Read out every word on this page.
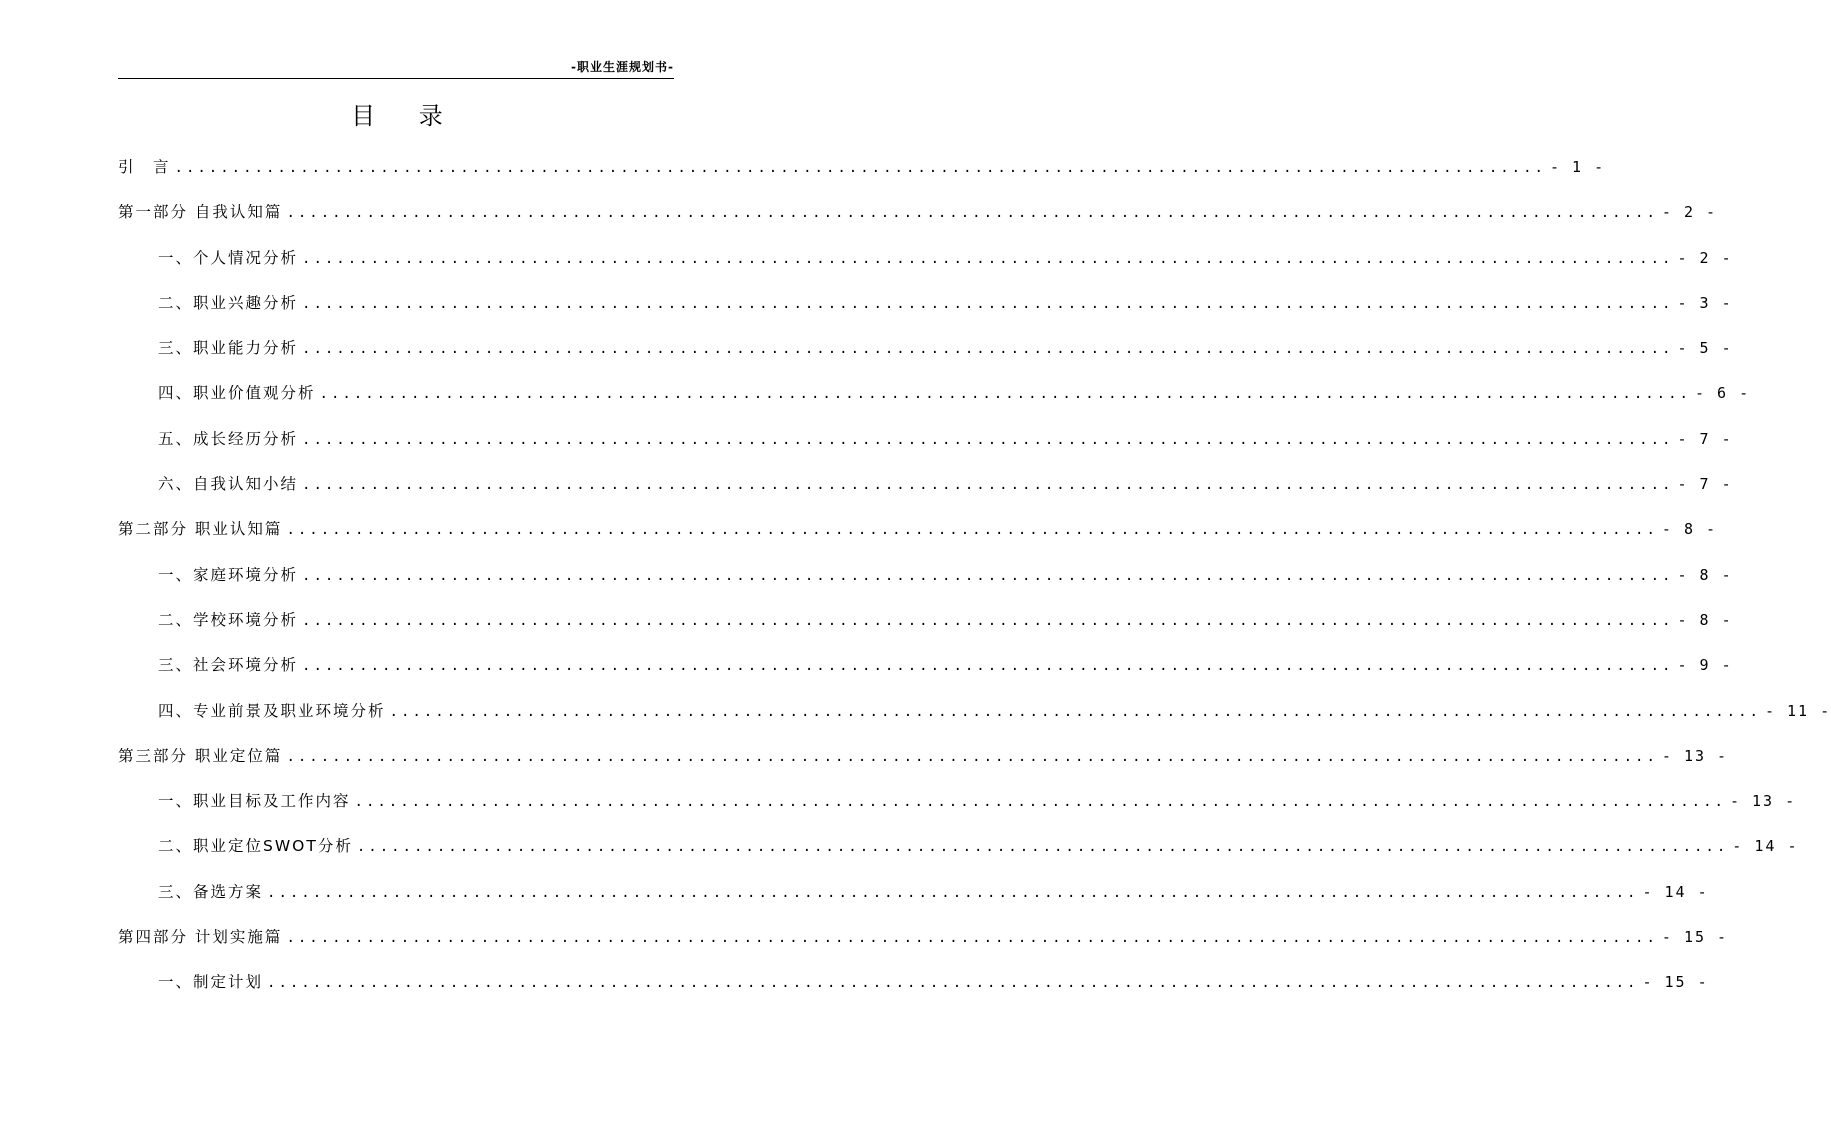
-职业生涯规划书-
目 录
引　言 ........................................................................................................................ - 1 -
第一部分 自我认知篇 ........................................................................................................................ - 2 -
一、个人情况分析 ........................................................................................................................ - 2 -
二、职业兴趣分析 ........................................................................................................................ - 3 -
三、职业能力分析 ........................................................................................................................ - 5 -
四、职业价值观分析 ........................................................................................................................ - 6 -
五、成长经历分析 ........................................................................................................................ - 7 -
六、自我认知小结 ........................................................................................................................ - 7 -
第二部分 职业认知篇 ........................................................................................................................ - 8 -
一、家庭环境分析 ........................................................................................................................ - 8 -
二、学校环境分析 ........................................................................................................................ - 8 -
三、社会环境分析 ........................................................................................................................ - 9 -
四、专业前景及职业环境分析 ........................................................................................................................ - 11 -
第三部分 职业定位篇 ........................................................................................................................ - 13 -
一、职业目标及工作内容 ........................................................................................................................ - 13 -
二、职业定位SWOT分析 ........................................................................................................................ - 14 -
三、备选方案 ........................................................................................................................ - 14 -
第四部分 计划实施篇 ........................................................................................................................ - 15 -
一、制定计划 ........................................................................................................................ - 15 -
